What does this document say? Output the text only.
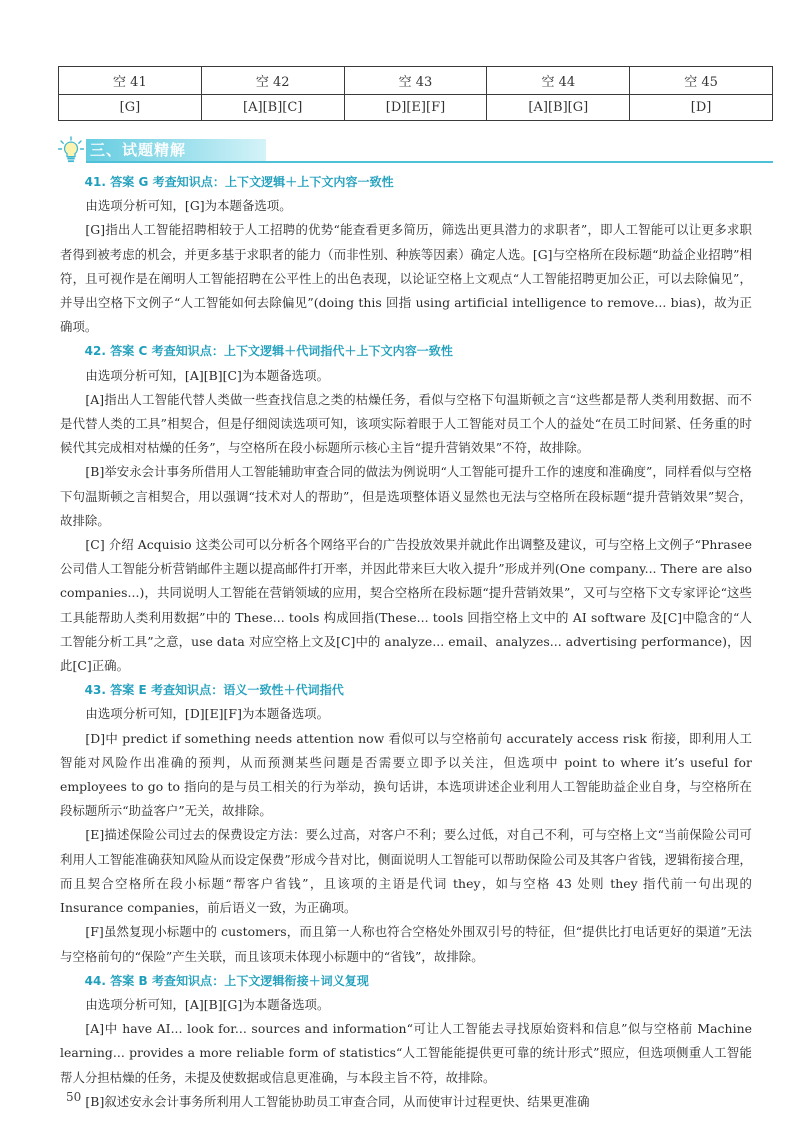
空 41	空 42	空 43	空 44	空 45
[G]	[A][B][C]	[D][E][F]	[A][B][G]	[D]
三、试题精解

41. 答案 G 考查知识点：上下文逻辑＋上下文内容一致性

由选项分析可知，[G]为本题备选项。

[G]指出人工智能招聘相较于人工招聘的优势“能查看更多简历，筛选出更具潜力的求职者”，即人工智能可以让更多求职者得到被考虑的机会，并更多基于求职者的能力（而非性别、种族等因素）确定人选。[G]与空格所在段标题“助益企业招聘”相符，且可视作是在阐明人工智能招聘在公平性上的出色表现，以论证空格上文观点“人工智能招聘更加公正，可以去除偏见”，并导出空格下文例子“人工智能如何去除偏见”(doing this 回指 using artificial intelligence to remove... bias)，故为正确项。

42. 答案 C 考查知识点：上下文逻辑＋代词指代＋上下文内容一致性

由选项分析可知，[A][B][C]为本题备选项。

[A]指出人工智能代替人类做一些查找信息之类的枯燥任务，看似与空格下句温斯顿之言“这些都是帮人类利用数据、而不是代替人类的工具”相契合，但是仔细阅读选项可知，该项实际着眼于人工智能对员工个人的益处“在员工时间紧、任务重的时候代其完成相对枯燥的任务”，与空格所在段小标题所示核心主旨“提升营销效果”不符，故排除。

[B]举安永会计事务所借用人工智能辅助审查合同的做法为例说明“人工智能可提升工作的速度和准确度”，同样看似与空格下句温斯顿之言相契合，用以强调“技术对人的帮助”，但是选项整体语义显然也无法与空格所在段标题“提升营销效果”契合，故排除。

[C] 介绍 Acquisio 这类公司可以分析各个网络平台的广告投放效果并就此作出调整及建议，可与空格上文例子“Phrasee 公司借人工智能分析营销邮件主题以提高邮件打开率，并因此带来巨大收入提升”形成并列(One company... There are also companies...)，共同说明人工智能在营销领域的应用，契合空格所在段标题“提升营销效果”，又可与空格下文专家评论“这些工具能帮助人类利用数据”中的 These... tools 构成回指(These... tools 回指空格上文中的 AI software 及[C]中隐含的“人工智能分析工具”之意，use data 对应空格上文及[C]中的 analyze... email、analyzes... advertising performance)，因此[C]正确。

43. 答案 E 考查知识点：语义一致性＋代词指代

由选项分析可知，[D][E][F]为本题备选项。

[D]中 predict if something needs attention now 看似可以与空格前句 accurately access risk 衔接，即利用人工智能对风险作出准确的预判，从而预测某些问题是否需要立即予以关注，但选项中 point to where it’s useful for employees to go to 指向的是与员工相关的行为举动，换句话讲，本选项讲述企业利用人工智能助益企业自身，与空格所在段标题所示“助益客户”无关，故排除。

[E]描述保险公司过去的保费设定方法：要么过高，对客户不利；要么过低，对自己不利，可与空格上文“当前保险公司可利用人工智能准确获知风险从而设定保费”形成今昔对比，侧面说明人工智能可以帮助保险公司及其客户省钱，逻辑衔接合理，而且契合空格所在段小标题“帮客户省钱”，且该项的主语是代词 they，如与空格 43 处则 they 指代前一句出现的 Insurance companies，前后语义一致，为正确项。

[F]虽然复现小标题中的 customers，而且第一人称也符合空格处外围双引号的特征，但“提供比打电话更好的渠道”无法与空格前句的“保险”产生关联，而且该项未体现小标题中的“省钱”，故排除。

44. 答案 B 考查知识点：上下文逻辑衔接＋词义复现

由选项分析可知，[A][B][G]为本题备选项。

[A]中 have AI... look for... sources and information“可让人工智能去寻找原始资料和信息”似与空格前 Machine learning... provides a more reliable form of statistics“人工智能能提供更可靠的统计形式”照应，但选项侧重人工智能帮人分担枯燥的任务，未提及使数据或信息更准确，与本段主旨不符，故排除。

[B]叙述安永会计事务所利用人工智能协助员工审查合同，从而使审计过程更快、结果更准确

50
